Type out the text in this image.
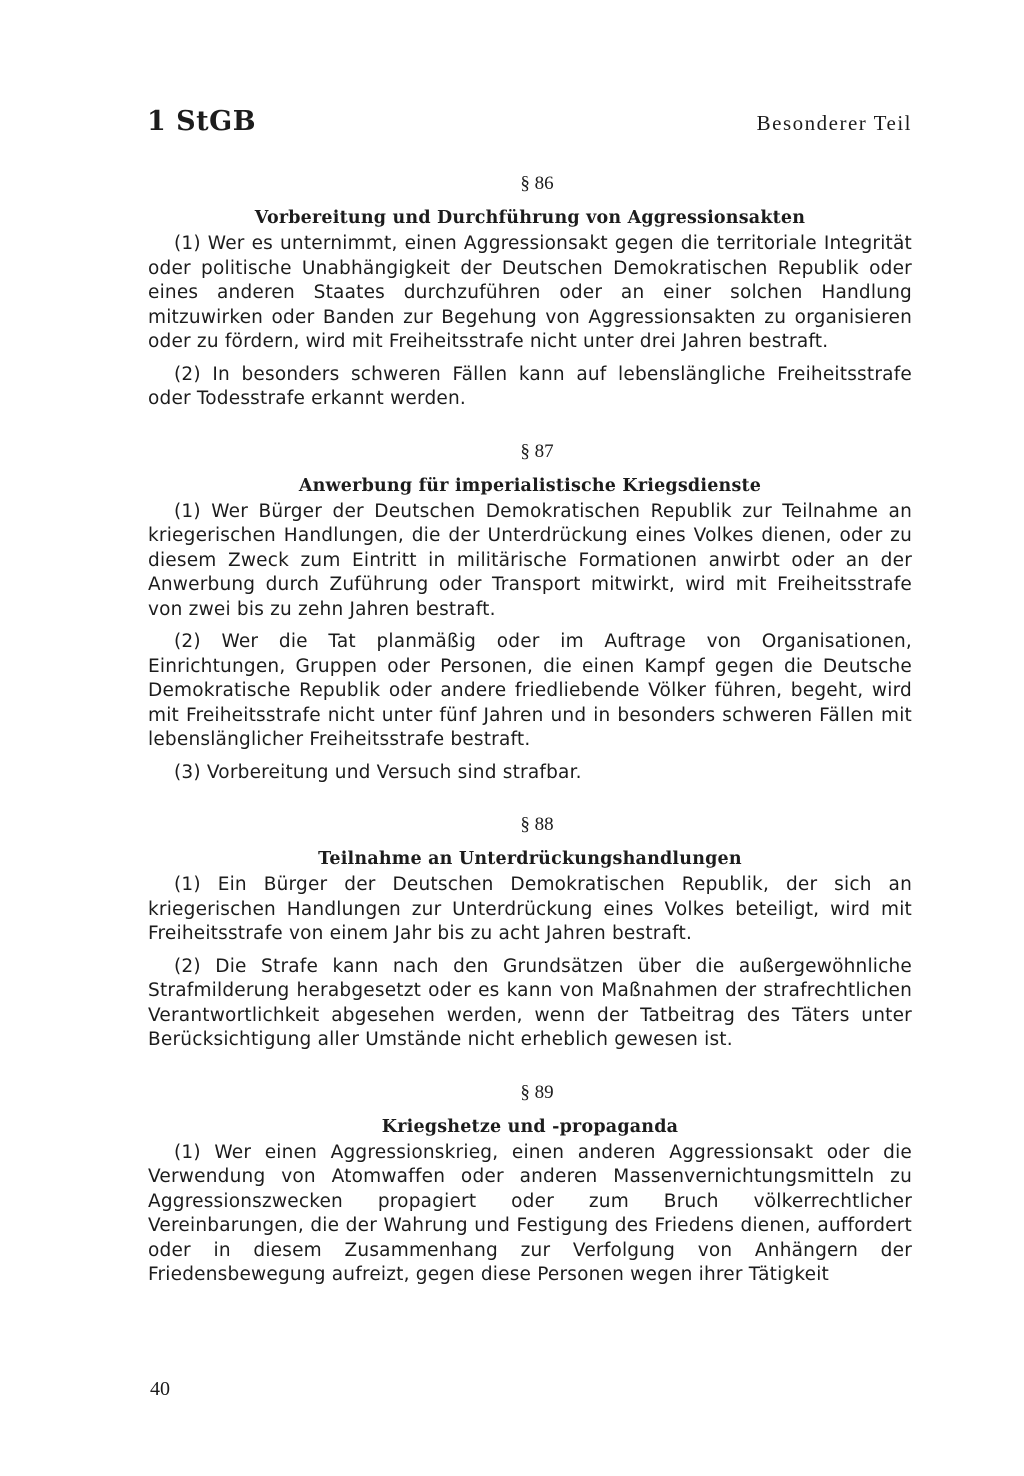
1 StGB	Besonderer Teil
§ 86
Vorbereitung und Durchführung von Aggressionsakten

(1) Wer es unternimmt, einen Aggressionsakt gegen die territoriale Integrität oder politische Unabhängigkeit der Deutschen Demokratischen Republik oder eines anderen Staates durchzuführen oder an einer solchen Handlung mitzuwirken oder Banden zur Begehung von Aggressionsakten zu organisieren oder zu fördern, wird mit Freiheitsstrafe nicht unter drei Jahren bestraft.

(2) In besonders schweren Fällen kann auf lebenslängliche Freiheitsstrafe oder Todesstrafe erkannt werden.

§ 87
Anwerbung für imperialistische Kriegsdienste

(1) Wer Bürger der Deutschen Demokratischen Republik zur Teilnahme an kriegerischen Handlungen, die der Unterdrückung eines Volkes dienen, oder zu diesem Zweck zum Eintritt in militärische Formationen anwirbt oder an der Anwerbung durch Zuführung oder Transport mitwirkt, wird mit Freiheitsstrafe von zwei bis zu zehn Jahren bestraft.

(2) Wer die Tat planmäßig oder im Auftrage von Organisationen, Einrichtungen, Gruppen oder Personen, die einen Kampf gegen die Deutsche Demokratische Republik oder andere friedliebende Völker führen, begeht, wird mit Freiheitsstrafe nicht unter fünf Jahren und in besonders schweren Fällen mit lebenslänglicher Freiheitsstrafe bestraft.

(3) Vorbereitung und Versuch sind strafbar.

§ 88
Teilnahme an Unterdrückungshandlungen

(1) Ein Bürger der Deutschen Demokratischen Republik, der sich an kriegerischen Handlungen zur Unterdrückung eines Volkes beteiligt, wird mit Freiheitsstrafe von einem Jahr bis zu acht Jahren bestraft.

(2) Die Strafe kann nach den Grundsätzen über die außergewöhnliche Strafmilderung herabgesetzt oder es kann von Maßnahmen der strafrechtlichen Verantwortlichkeit abgesehen werden, wenn der Tatbeitrag des Täters unter Berücksichtigung aller Umstände nicht erheblich gewesen ist.

§ 89
Kriegshetze und -propaganda

(1) Wer einen Aggressionskrieg, einen anderen Aggressionsakt oder die Verwendung von Atomwaffen oder anderen Massenvernichtungsmitteln zu Aggressionszwecken propagiert oder zum Bruch völkerrechtlicher Vereinbarungen, die der Wahrung und Festigung des Friedens dienen, auffordert oder in diesem Zusammenhang zur Verfolgung von Anhängern der Friedensbewegung aufreizt, gegen diese Personen wegen ihrer Tätigkeit

40
